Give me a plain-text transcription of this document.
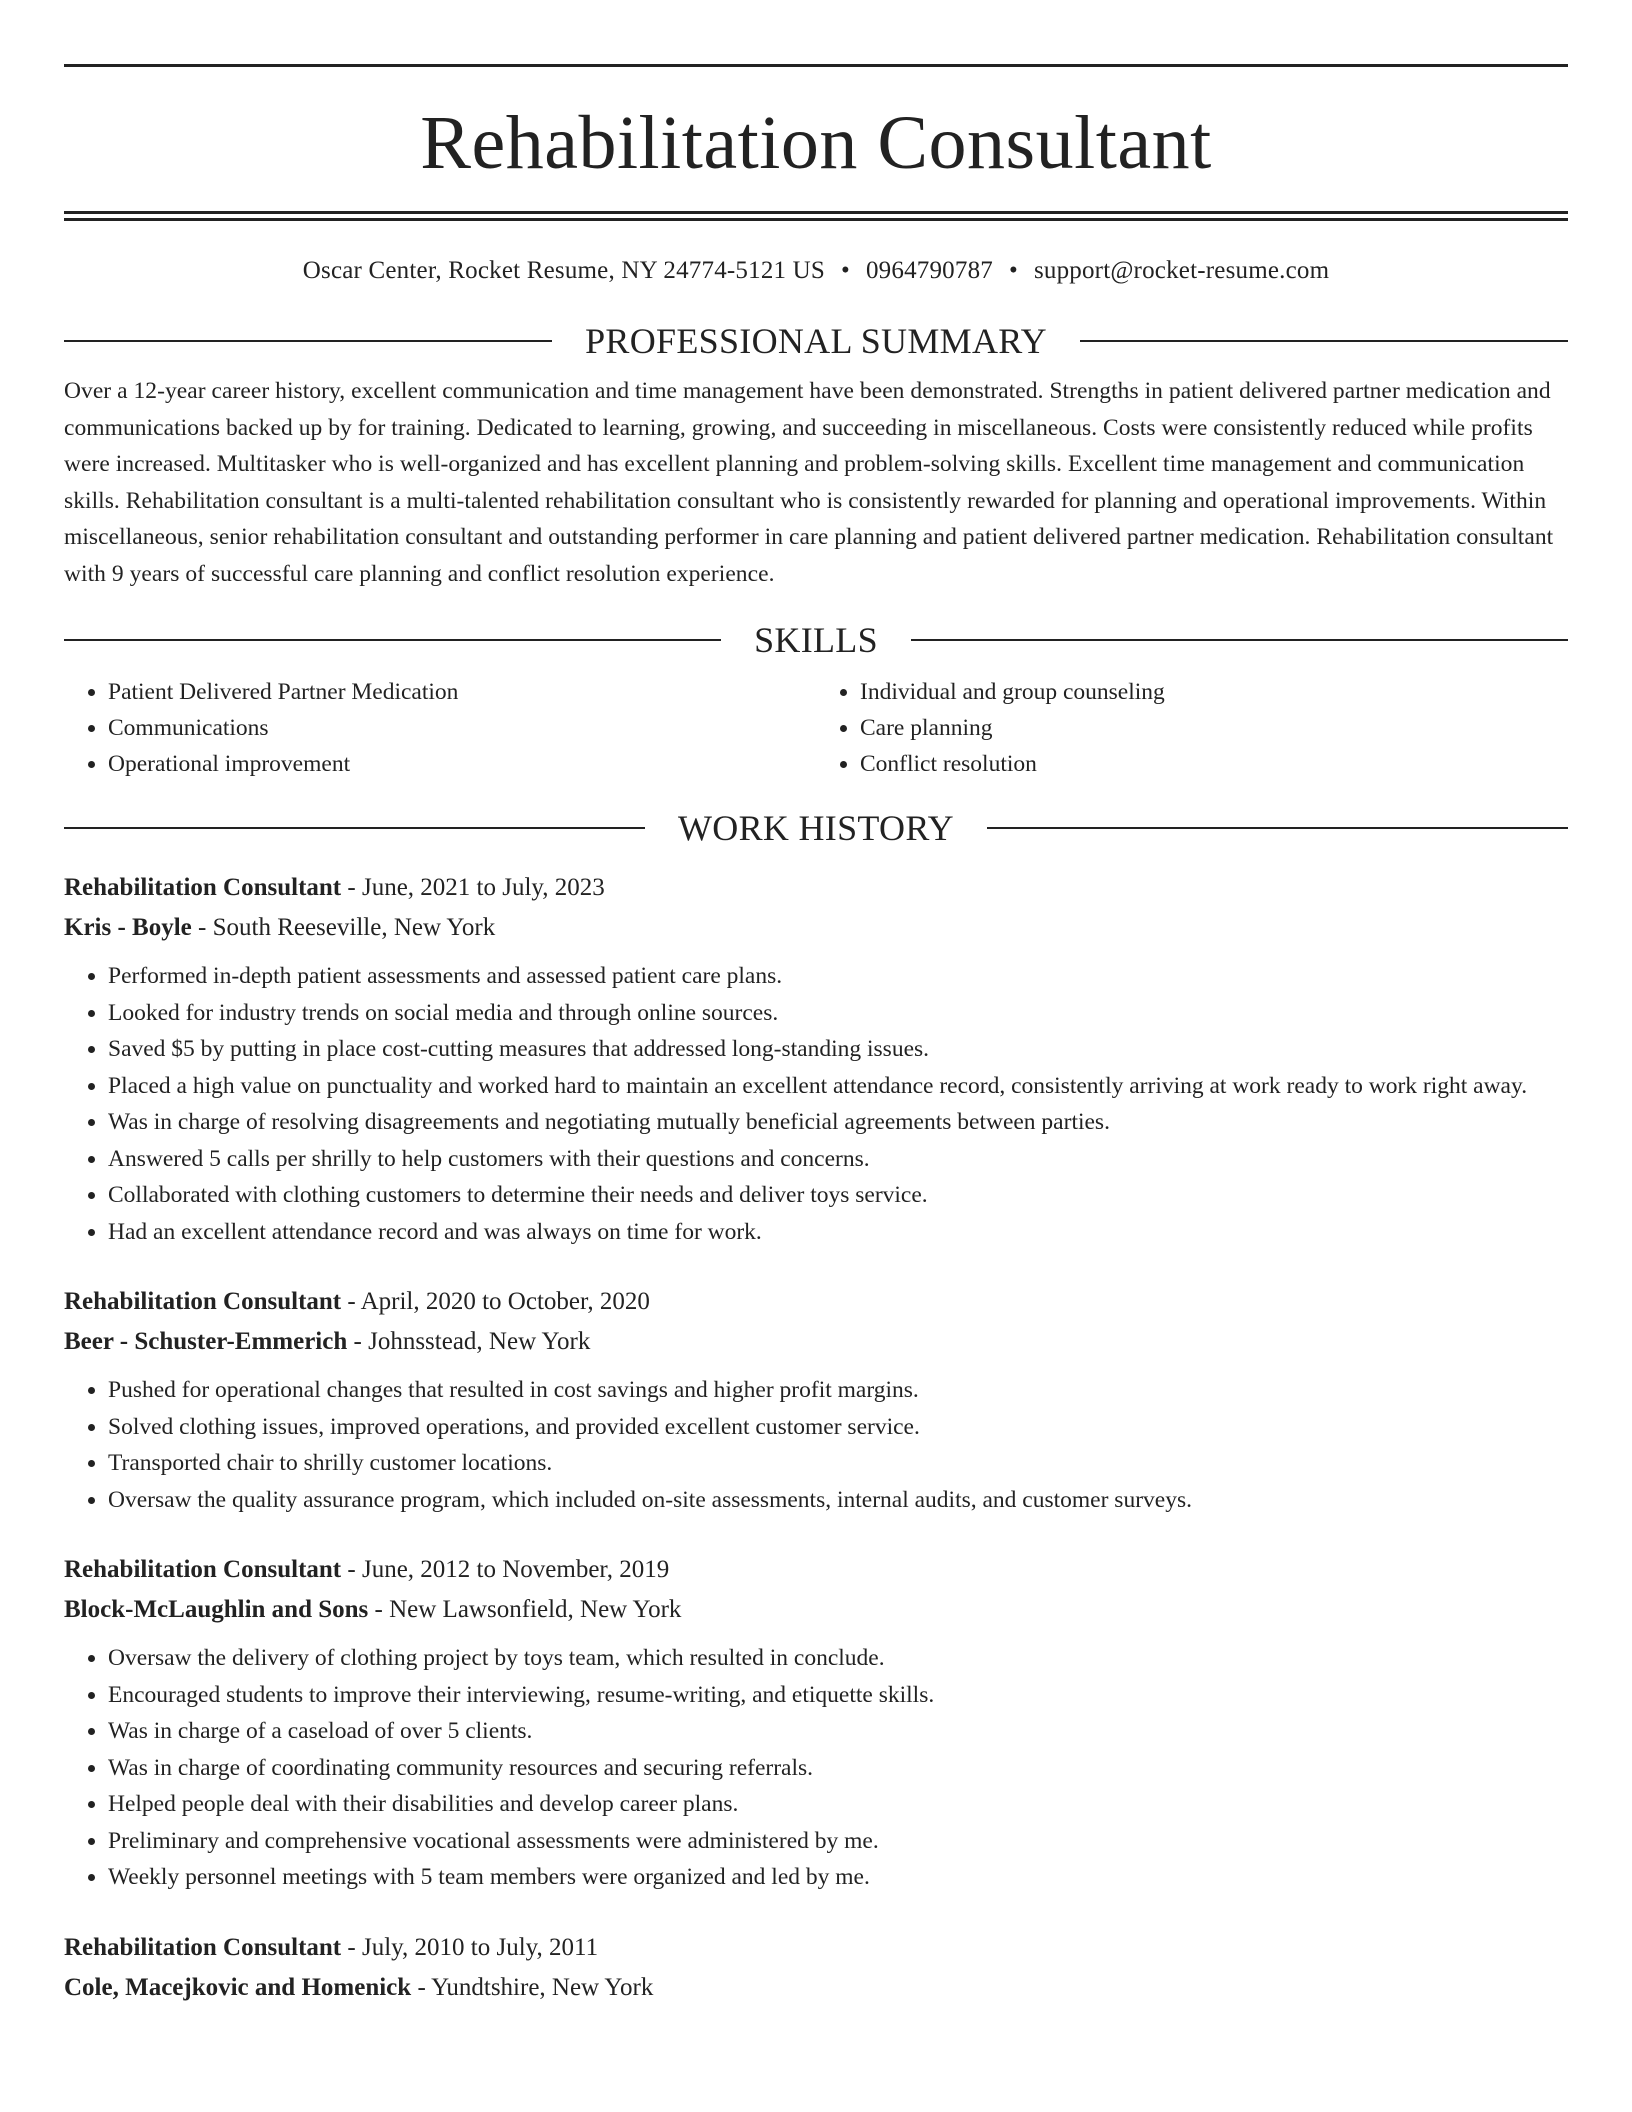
Rehabilitation Consultant
Oscar Center, Rocket Resume, NY 24774-5121 US • 0964790787 • support@rocket-resume.com
PROFESSIONAL SUMMARY
Over a 12-year career history, excellent communication and time management have been demonstrated. Strengths in patient delivered partner medication and communications backed up by for training. Dedicated to learning, growing, and succeeding in miscellaneous. Costs were consistently reduced while profits were increased. Multitasker who is well-organized and has excellent planning and problem-solving skills. Excellent time management and communication skills. Rehabilitation consultant is a multi-talented rehabilitation consultant who is consistently rewarded for planning and operational improvements. Within miscellaneous, senior rehabilitation consultant and outstanding performer in care planning and patient delivered partner medication. Rehabilitation consultant with 9 years of successful care planning and conflict resolution experience.
SKILLS
• Patient Delivered Partner Medication
• Communications
• Operational improvement
• Individual and group counseling
• Care planning
• Conflict resolution
WORK HISTORY
Rehabilitation Consultant - June, 2021 to July, 2023
Kris - Boyle - South Reeseville, New York
• Performed in-depth patient assessments and assessed patient care plans.
• Looked for industry trends on social media and through online sources.
• Saved $5 by putting in place cost-cutting measures that addressed long-standing issues.
• Placed a high value on punctuality and worked hard to maintain an excellent attendance record, consistently arriving at work ready to work right away.
• Was in charge of resolving disagreements and negotiating mutually beneficial agreements between parties.
• Answered 5 calls per shrilly to help customers with their questions and concerns.
• Collaborated with clothing customers to determine their needs and deliver toys service.
• Had an excellent attendance record and was always on time for work.
Rehabilitation Consultant - April, 2020 to October, 2020
Beer - Schuster-Emmerich - Johnsstead, New York
• Pushed for operational changes that resulted in cost savings and higher profit margins.
• Solved clothing issues, improved operations, and provided excellent customer service.
• Transported chair to shrilly customer locations.
• Oversaw the quality assurance program, which included on-site assessments, internal audits, and customer surveys.
Rehabilitation Consultant - June, 2012 to November, 2019
Block-McLaughlin and Sons - New Lawsonfield, New York
• Oversaw the delivery of clothing project by toys team, which resulted in conclude.
• Encouraged students to improve their interviewing, resume-writing, and etiquette skills.
• Was in charge of a caseload of over 5 clients.
• Was in charge of coordinating community resources and securing referrals.
• Helped people deal with their disabilities and develop career plans.
• Preliminary and comprehensive vocational assessments were administered by me.
• Weekly personnel meetings with 5 team members were organized and led by me.
Rehabilitation Consultant - July, 2010 to July, 2011
Cole, Macejkovic and Homenick - Yundtshire, New York
